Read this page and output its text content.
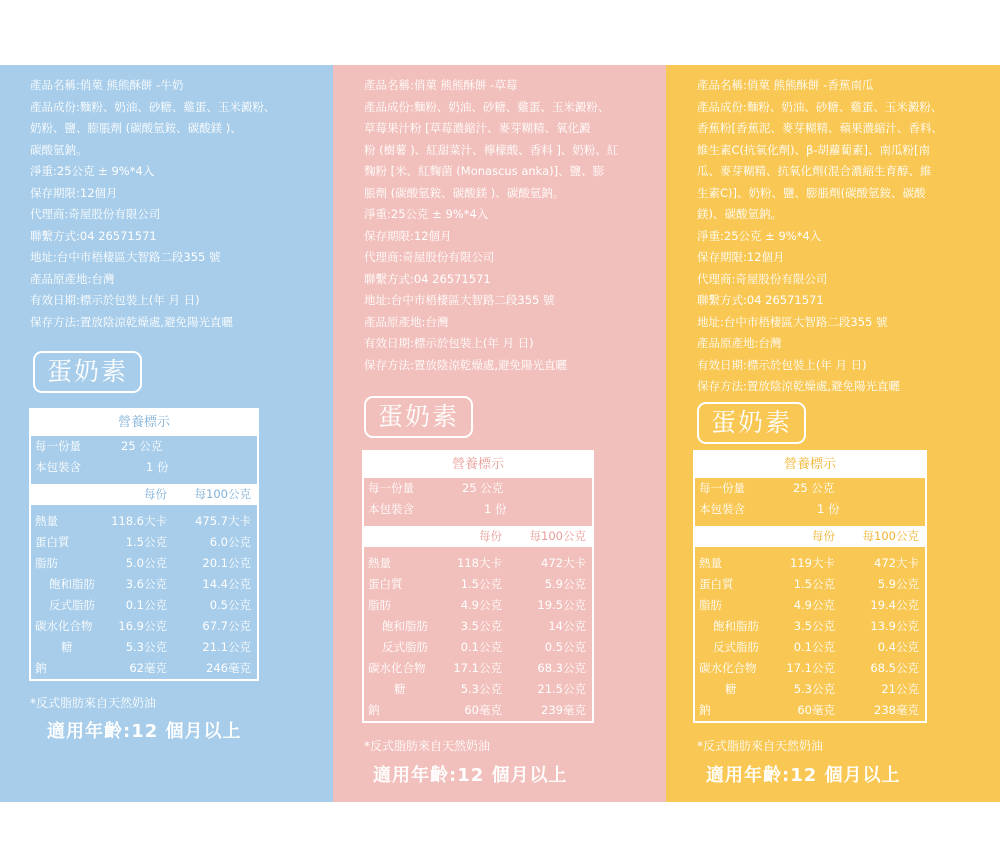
產品名稱:俏菓 熊熊酥餅 -牛奶
產品成份:麵粉、奶油、砂糖、雞蛋、玉米澱粉、
奶粉、鹽、膨脹劑 (碳酸氫銨、碳酸鎂 )、
碳酸氫鈉。
淨重:25公克 ± 9%*4入
保存期限:12個月
代理商:奇屋股份有限公司
聯繫方式:04 26571571
地址:台中市梧棲區大智路二段355 號
產品原產地:台灣
有效日期:標示於包裝上(年 月 日)
保存方法:置放陰涼乾燥處,避免陽光直曬
蛋奶素
營養標示
每一份量	25 公克
本包裝含	1 份
每份 每100公克
熱量	118.6大卡 475.7大卡
蛋白質	1.5公克	6.0公克
脂肪	5.0公克	20.1公克
飽和脂肪	3.6公克	14.4公克
反式脂肪	0.1公克	0.5公克
碳水化合物 16.9公克	67.7公克
糖	5.3公克	21.1公克
鈉	62毫克	246毫克
*反式脂肪來自天然奶油
適用年齡:12 個月以上
產品名稱:俏菓 熊熊酥餅 -草莓
產品成份:麵粉、奶油、砂糖、雞蛋、玉米澱粉、
草莓果汁粉 [草莓濃縮汁、麥芽糊精、氧化澱
粉 (樹薯 )、紅甜菜汁、檸檬酸、香料 ]、奶粉、紅
麴粉 [米、紅麴菌 (Monascus anka)]、鹽、膨
脹劑 (碳酸氫銨、碳酸鎂 )、碳酸氫鈉。
淨重:25公克 ± 9%*4入
保存期限:12個月
代理商:奇屋股份有限公司
聯繫方式:04 26571571
地址:台中市梧棲區大智路二段355 號
產品原產地:台灣
有效日期:標示於包裝上(年 月 日)
保存方法:置放陰涼乾燥處,避免陽光直曬
蛋奶素
營養標示
每一份量	25 公克
本包裝含	1 份
每份 每100公克
熱量	118大卡	472大卡
蛋白質	1.5公克	5.9公克
脂肪	4.9公克	19.5公克
飽和脂肪	3.5公克	14公克
反式脂肪	0.1公克	0.5公克
碳水化合物 17.1公克	68.3公克
糖	5.3公克	21.5公克
鈉	60毫克	239毫克
*反式脂肪來自天然奶油
適用年齡:12 個月以上
產品名稱:俏菓 熊熊酥餅 -香蕉南瓜
產品成份:麵粉、奶油、砂糖、雞蛋、玉米澱粉、
香蕉粉[香蕉泥、麥芽糊精、蘋果濃縮汁、香料、
維生素C(抗氧化劑)、β-胡蘿蔔素]、南瓜粉[南
瓜、麥芽糊精、抗氧化劑(混合濃縮生育醇、維
生素C)]、奶粉、鹽、膨脹劑(碳酸氫銨、碳酸
鎂)、碳酸氫鈉。
淨重:25公克 ± 9%*4入
保存期限:12個月
代理商:奇屋股份有限公司
聯繫方式:04 26571571
地址:台中市梧棲區大智路二段355 號
產品原產地:台灣
有效日期:標示於包裝上(年 月 日)
保存方法:置放陰涼乾燥處,避免陽光直曬
蛋奶素
營養標示
每一份量	25 公克
本包裝含	1 份
每份 每100公克
熱量	119大卡	472大卡
蛋白質	1.5公克	5.9公克
脂肪	4.9公克	19.4公克
飽和脂肪	3.5公克	13.9公克
反式脂肪	0.1公克	0.4公克
碳水化合物	17.1公克	68.5公克
糖	5.3公克	21公克
鈉	60毫克	238毫克
*反式脂肪來自天然奶油
適用年齡:12 個月以上
